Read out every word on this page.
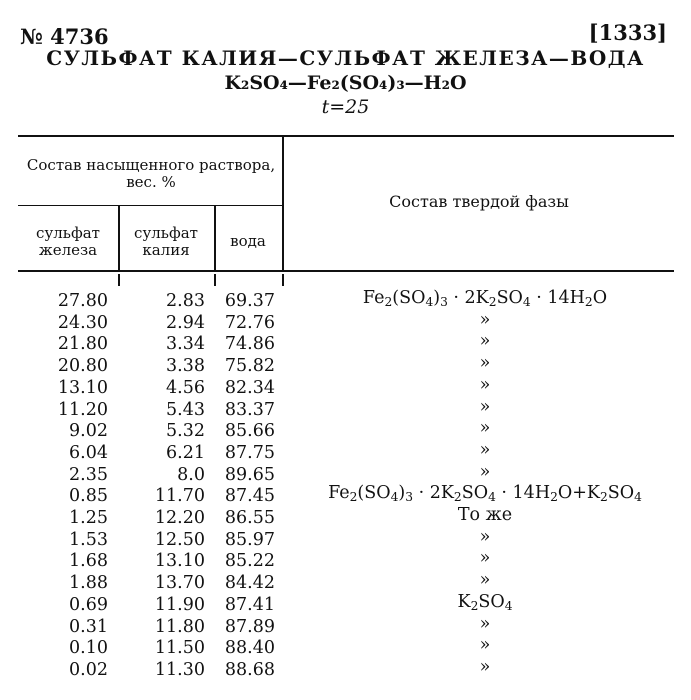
№ 4736	[1333]
СУЛЬФАТ КАЛИЯ—СУЛЬФАТ ЖЕЛЕЗА—ВОДА
K₂SO₄—Fe₂(SO₄)₃—H₂O
t=25
Состав насыщенного раствора, вес. %
сульфат железа
сульфат калия	вода
Состав твердой фазы
27.80	2.83	69.37	$Fe_2(SO_4)_3 \cdot 2K_2SO_4 \cdot 14H_2O$
24.30	2.94	72.76	»
21.80	3.34	74.86	»
20.80	3.38	75.82	»
13.10	4.56	82.34	»
11.20	5.43	83.37	»
9.02	5.32	85.66	»
6.04	6.21	87.75	»
2.35	8.0	89.65	»
0.85	11.70	87.45	$Fe_2(SO_4)_3 \cdot 2K_2SO_4 \cdot 14H_2O+K_2SO_4$
1.25	12.20	86.55	То же
1.53	12.50	85.97	»
1.68	13.10	85.22	»
1.88	13.70	84.42	»
0.69	11.90	87.41	$K_2SO_4$
0.31	11.80	87.89	»
0.10	11.50	88.40	»
0.02	11.30	88.68	»
